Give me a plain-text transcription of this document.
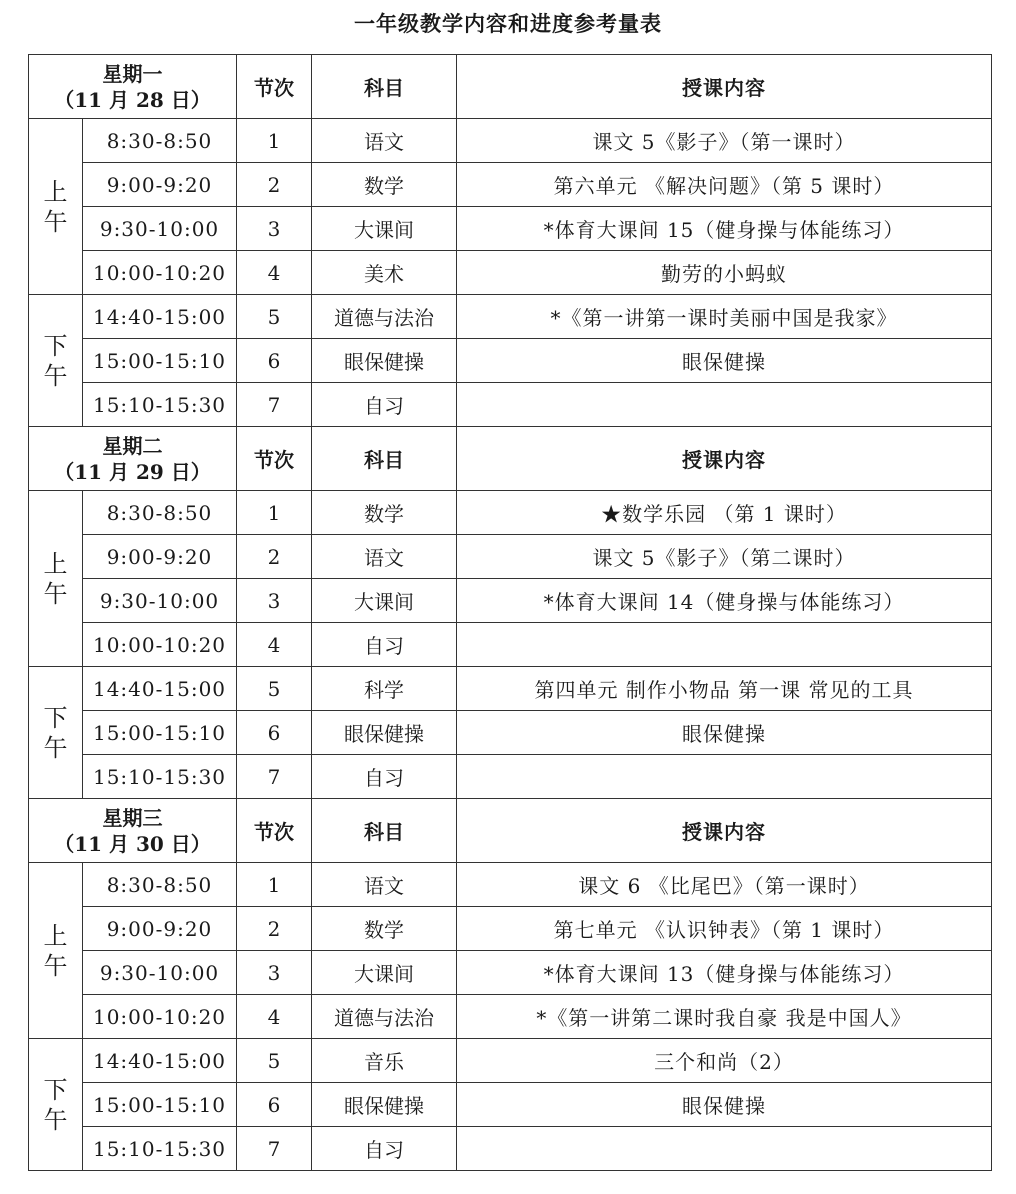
一年级教学内容和进度参考量表
星期一
（11 月 28 日）		节次	科目	授课内容

上
午	8:30-8:50	1	语文	课文 5《影子》（第一课时）
	9:00-9:20	2	数学	第六单元 《解决问题》（第 5 课时）
	9:30-10:00	3	大课间	*体育大课间 15（健身操与体能练习）
	10:00-10:20	4	美术	勤劳的小蚂蚁

下
午	14:40-15:00	5	道德与法治	*《第一讲第一课时美丽中国是我家》
	15:00-15:10	6	眼保健操	眼保健操
	15:10-15:30	7	自习	

星期二
（11 月 29 日）		节次	科目	授课内容

上
午	8:30-8:50	1	数学	★数学乐园 （第 1 课时）
	9:00-9:20	2	语文	课文 5《影子》（第二课时）
	9:30-10:00	3	大课间	*体育大课间 14（健身操与体能练习）
	10:00-10:20	4	自习	

下
午	14:40-15:00	5	科学	第四单元 制作小物品 第一课 常见的工具
	15:00-15:10	6	眼保健操	眼保健操
	15:10-15:30	7	自习	

星期三
（11 月 30 日）		节次	科目	授课内容

上
午	8:30-8:50	1	语文	课文 6 《比尾巴》（第一课时）
	9:00-9:20	2	数学	第七单元 《认识钟表》（第 1 课时）
	9:30-10:00	3	大课间	*体育大课间 13（健身操与体能练习）
	10:00-10:20	4	道德与法治	*《第一讲第二课时我自豪 我是中国人》

下
午	14:40-15:00	5	音乐	三个和尚（2）
	15:00-15:10	6	眼保健操	眼保健操
	15:10-15:30	7	自习	
